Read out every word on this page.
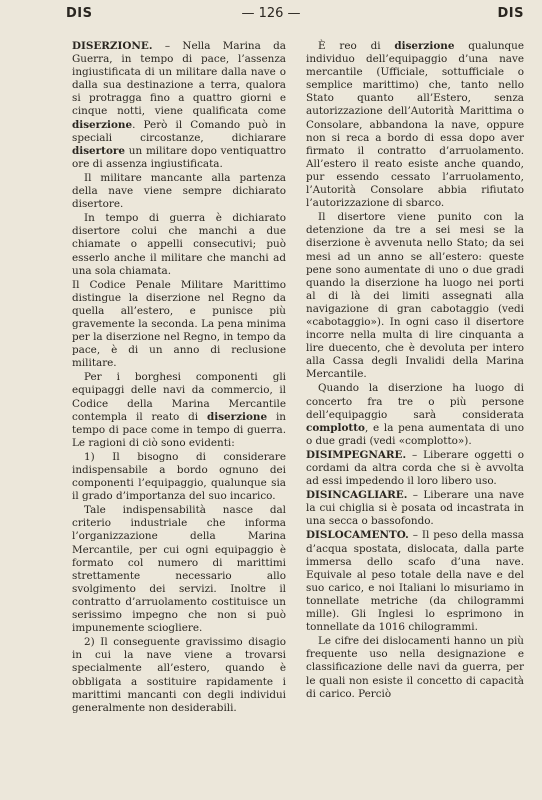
DIS	— 126 —	DIS

DISERZIONE. – Nella Marina da Guerra, in tempo di pace, l’assenza ingiustificata di un militare dalla nave o dalla sua destinazione a terra, qualora si protragga fino a quattro giorni e cinque notti, viene qualificata come diserzione. Però il Comando può in speciali circostanze, dichiarare disertore un militare dopo ventiquattro ore di assenza ingiustificata.

Il militare mancante alla partenza della nave viene sempre dichiarato disertore.

In tempo di guerra è dichiarato disertore colui che manchi a due chiamate o appelli consecutivi; può esserlo anche il militare che manchi ad una sola chiamata.

Il Codice Penale Militare Marittimo distingue la diserzione nel Regno da quella all’estero, e punisce più gravemente la seconda. La pena minima per la diserzione nel Regno, in tempo da pace, è di un anno di reclusione militare.

Per i borghesi componenti gli equipaggi delle navi da commercio, il Codice della Marina Mercantile contempla il reato di diserzione in tempo di pace come in tempo di guerra. Le ragioni di ciò sono evidenti:

1) Il bisogno di considerare indispensabile a bordo ognuno dei componenti l’equipaggio, qualunque sia il grado d’importanza del suo incarico.

Tale indispensabilità nasce dal criterio industriale che informa l’organizzazione della Marina Mercantile, per cui ogni equipaggio è formato col numero di marittimi strettamente necessario allo svolgimento dei servizi. Inoltre il contratto d’arruolamento costituisce un serissimo impegno che non si può impunemente sciogliere.

2) Il conseguente gravissimo disagio in cui la nave viene a trovarsi specialmente all’estero, quando è obbligata a sostituire rapidamente i marittimi mancanti con degli individui generalmente non desiderabili.

È reo di diserzione qualunque individuo dell’equipaggio d’una nave mercantile (Ufficiale, sottufficiale o semplice marittimo) che, tanto nello Stato quanto all’Estero, senza autorizzazione dell’Autorità Marittima o Consolare, abbandona la nave, oppure non si reca a bordo di essa dopo aver firmato il contratto d’arruolamento. All’estero il reato esiste anche quando, pur essendo cessato l’arruolamento, l’Autorità Consolare abbia rifiutato l’autorizzazione di sbarco.

Il disertore viene punito con la detenzione da tre a sei mesi se la diserzione è avvenuta nello Stato; da sei mesi ad un anno se all’estero: queste pene sono aumentate di uno o due gradi quando la diserzione ha luogo nei porti al di là dei limiti assegnati alla navigazione di gran cabotaggio (vedi «cabotaggio»). In ogni caso il disertore incorre nella multa di lire cinquanta a lire duecento, che è devoluta per intero alla Cassa degli Invalidi della Marina Mercantile.

Quando la diserzione ha luogo di concerto fra tre o più persone dell’equipaggio sarà considerata complotto, e la pena aumentata di uno o due gradi (vedi «complotto»).

DISIMPEGNARE. – Liberare oggetti o cordami da altra corda che si è avvolta ad essi impedendo il loro libero uso.

DISINCAGLIARE. – Liberare una nave la cui chiglia si è posata od incastrata in una secca o bassofondo.

DISLOCAMENTO. – Il peso della massa d’acqua spostata, dislocata, dalla parte immersa dello scafo d’una nave. Equivale al peso totale della nave e del suo carico, e noi Italiani lo misuriamo in tonnellate metriche (da chilogrammi mille). Gli Inglesi lo esprimono in tonnellate da 1016 chilogrammi.

Le cifre dei dislocamenti hanno un più frequente uso nella designazione e classificazione delle navi da guerra, per le quali non esiste il concetto di capacità di carico. Perciò
